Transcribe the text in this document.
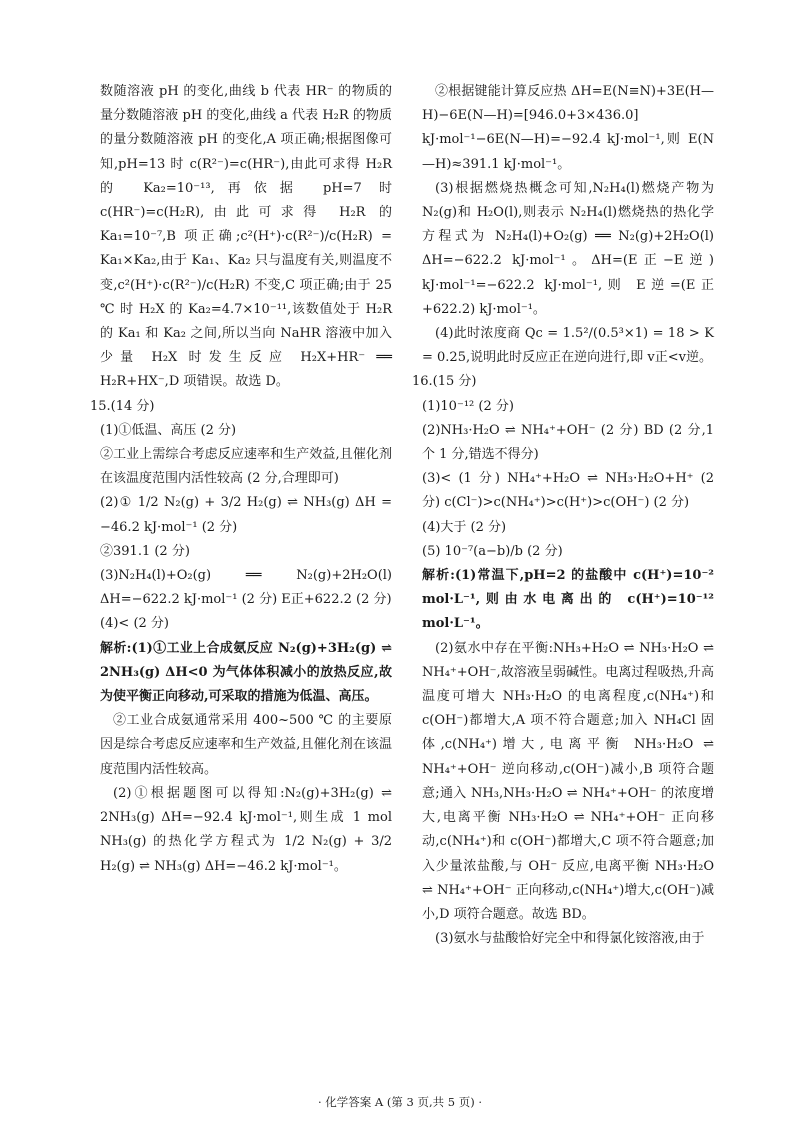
数随溶液 pH 的变化,曲线 b 代表 HR⁻ 的物质的量分数随溶液 pH 的变化,曲线 a 代表 H₂R 的物质的量分数随溶液 pH 的变化,A 项正确;根据图像可知,pH=13 时 c(R²⁻)=c(HR⁻),由此可求得 H₂R 的 Ka₂=10⁻¹³,再依据 pH=7 时 c(HR⁻)=c(H₂R),由此可求得 H₂R 的 Ka₁=10⁻⁷,B 项正确;c²(H⁺)·c(R²⁻)/c(H₂R) = Ka₁×Ka₂,由于 Ka₁、Ka₂ 只与温度有关,则温度不变,c²(H⁺)·c(R²⁻)/c(H₂R) 不变,C 项正确;由于 25 ℃ 时 H₂X 的 Ka₂=4.7×10⁻¹¹,该数值处于 H₂R 的 Ka₁ 和 Ka₂ 之间,所以当向 NaHR 溶液中加入少量 H₂X 时发生反应 H₂X+HR⁻ ══ H₂R+HX⁻,D 项错误。故选 D。

15.(14 分)

(1)①低温、高压 (2 分)

②工业上需综合考虑反应速率和生产效益,且催化剂在该温度范围内活性较高 (2 分,合理即可)

(2)① 1/2 N₂(g) + 3/2 H₂(g) ⇌ NH₃(g) ΔH = −46.2 kJ·mol⁻¹ (2 分)

②391.1 (2 分)

(3)N₂H₄(l)+O₂(g) ══ N₂(g)+2H₂O(l) ΔH=−622.2 kJ·mol⁻¹ (2 分) E正+622.2 (2 分)

(4)< (2 分)

解析:(1)①工业上合成氨反应 N₂(g)+3H₂(g) ⇌ 2NH₃(g) ΔH<0 为气体体积减小的放热反应,故为使平衡正向移动,可采取的措施为低温、高压。

②工业合成氨通常采用 400~500 ℃ 的主要原因是综合考虑反应速率和生产效益,且催化剂在该温度范围内活性较高。

(2)①根据题图可以得知:N₂(g)+3H₂(g) ⇌ 2NH₃(g) ΔH=−92.4 kJ·mol⁻¹,则生成 1 mol NH₃(g) 的热化学方程式为 1/2 N₂(g) + 3/2 H₂(g) ⇌ NH₃(g) ΔH=−46.2 kJ·mol⁻¹。

②根据键能计算反应热 ΔH=E(N≡N)+3E(H—H)−6E(N—H)=[946.0+3×436.0] kJ·mol⁻¹−6E(N—H)=−92.4 kJ·mol⁻¹,则 E(N—H)≈391.1 kJ·mol⁻¹。

(3)根据燃烧热概念可知,N₂H₄(l)燃烧产物为 N₂(g)和 H₂O(l),则表示 N₂H₄(l)燃烧热的热化学方程式为 N₂H₄(l)+O₂(g) ══ N₂(g)+2H₂O(l) ΔH=−622.2 kJ·mol⁻¹。ΔH=(E正−E逆) kJ·mol⁻¹=−622.2 kJ·mol⁻¹,则 E逆=(E正+622.2) kJ·mol⁻¹。

(4)此时浓度商 Qc = 1.5²/(0.5³×1) = 18 > K = 0.25,说明此时反应正在逆向进行,即 v正<v逆。

16.(15 分)

(1)10⁻¹² (2 分)

(2)NH₃·H₂O ⇌ NH₄⁺+OH⁻ (2 分) BD (2 分,1 个 1 分,错选不得分)

(3)< (1 分) NH₄⁺+H₂O ⇌ NH₃·H₂O+H⁺ (2 分) c(Cl⁻)>c(NH₄⁺)>c(H⁺)>c(OH⁻) (2 分)

(4)大于 (2 分)

(5) 10⁻⁷(a−b)/b (2 分)

解析:(1)常温下,pH=2 的盐酸中 c(H⁺)=10⁻² mol·L⁻¹,则由水电离出的 c(H⁺)=10⁻¹² mol·L⁻¹。

(2)氨水中存在平衡:NH₃+H₂O ⇌ NH₃·H₂O ⇌ NH₄⁺+OH⁻,故溶液呈弱碱性。电离过程吸热,升高温度可增大 NH₃·H₂O 的电离程度,c(NH₄⁺)和 c(OH⁻)都增大,A 项不符合题意;加入 NH₄Cl 固体,c(NH₄⁺)增大,电离平衡 NH₃·H₂O ⇌ NH₄⁺+OH⁻ 逆向移动,c(OH⁻)减小,B 项符合题意;通入 NH₃,NH₃·H₂O ⇌ NH₄⁺+OH⁻ 的浓度增大,电离平衡 NH₃·H₂O ⇌ NH₄⁺+OH⁻ 正向移动,c(NH₄⁺)和 c(OH⁻)都增大,C 项不符合题意;加入少量浓盐酸,与 OH⁻ 反应,电离平衡 NH₃·H₂O ⇌ NH₄⁺+OH⁻ 正向移动,c(NH₄⁺)增大,c(OH⁻)减小,D 项符合题意。故选 BD。

(3)氨水与盐酸恰好完全中和得氯化铵溶液,由于

· 化学答案 A (第 3 页,共 5 页) ·
